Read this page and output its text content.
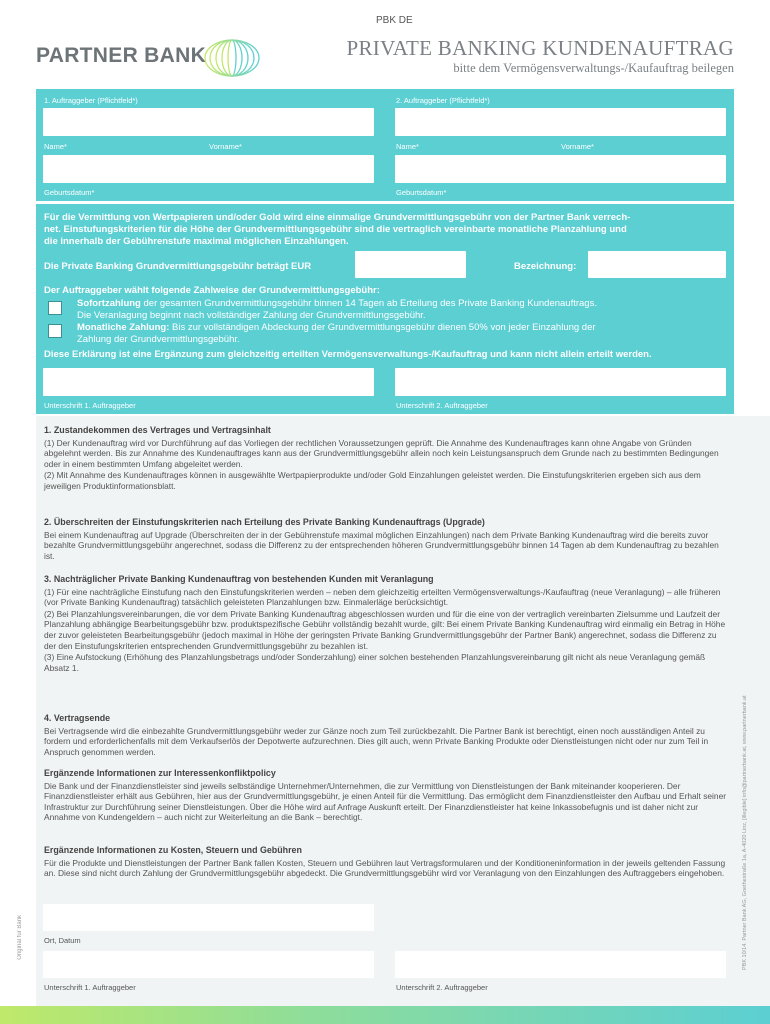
PBK DE
PARTNER BANK	PRIVATE BANKING KUNDENAUFTRAG
bitte dem Vermögensverwaltungs-/Kaufauftrag beilegen
1. Auftraggeber (Pflichtfeld*)	2. Auftraggeber (Pflichtfeld*)
Name*	Vorname*	Name*	Vorname*
Geburtsdatum*	Geburtsdatum*
Für die Vermittlung von Wertpapieren und/oder Gold wird eine einmalige Grundvermittlungsgebühr von der Partner Bank verrech-
net. Einstufungskriterien für die Höhe der Grundvermittlungsgebühr sind die vertraglich vereinbarte monatliche Planzahlung und
die innerhalb der Gebührenstufe maximal möglichen Einzahlungen.
Die Private Banking Grundvermittlungsgebühr beträgt EUR	Bezeichnung:
Der Auftraggeber wählt folgende Zahlweise der Grundvermittlungsgebühr:
Sofortzahlung der gesamten Grundvermittlungsgebühr binnen 14 Tagen ab Erteilung des Private Banking Kundenauftrags.
Die Veranlagung beginnt nach vollständiger Zahlung der Grundvermittlungsgebühr.
Monatliche Zahlung: Bis zur vollständigen Abdeckung der Grundvermittlungsgebühr dienen 50% von jeder Einzahlung der
Zahlung der Grundvermittlungsgebühr.
Diese Erklärung ist eine Ergänzung zum gleichzeitig erteilten Vermögensverwaltungs-/Kaufauftrag und kann nicht allein erteilt werden.
Unterschrift 1. Auftraggeber	Unterschrift 2. Auftraggeber
1. Zustandekommen des Vertrages und Vertragsinhalt

(1) Der Kundenauftrag wird vor Durchführung auf das Vorliegen der rechtlichen Voraussetzungen geprüft. Die Annahme des Kundenauftrages kann ohne Angabe von Gründen abgelehnt werden. Bis zur Annahme des Kundenauftrages kann aus der Grundvermittlungsgebühr allein noch kein Leistungsanspruch dem Grunde nach zu bestimmten Bedingungen oder in einem bestimmten Umfang abgeleitet werden.

(2) Mit Annahme des Kundenauftrages können in ausgewählte Wertpapierprodukte und/oder Gold Einzahlungen geleistet werden. Die Einstufungskriterien ergeben sich aus dem jeweiligen Produktinformationsblatt.

2. Überschreiten der Einstufungskriterien nach Erteilung des Private Banking Kundenauftrags (Upgrade)

Bei einem Kundenauftrag auf Upgrade (Überschreiten der in der Gebührenstufe maximal möglichen Einzahlungen) nach dem Private Banking Kundenauftrag wird die bereits zuvor bezahlte Grundvermittlungsgebühr angerechnet, sodass die Differenz zu der entsprechenden höheren Grundvermittlungsgebühr binnen 14 Tagen ab dem Kundenauftrag zu bezahlen ist.

3. Nachträglicher Private Banking Kundenauftrag von bestehenden Kunden mit Veranlagung

(1) Für eine nachträgliche Einstufung nach den Einstufungskriterien werden – neben dem gleichzeitig erteilten Vermögensverwaltungs-/Kaufauftrag (neue Veranlagung) – alle früheren (vor Private Banking Kundenauftrag) tatsächlich geleisteten Planzahlungen bzw. Einmalerläge berücksichtigt.

(2) Bei Planzahlungsvereinbarungen, die vor dem Private Banking Kundenauftrag abgeschlossen wurden und für die eine von der vertraglich vereinbarten Zielsumme und Laufzeit der Planzahlung abhängige Bearbeitungsgebühr bzw. produktspezifische Gebühr vollständig bezahlt wurde, gilt: Bei einem Private Banking Kundenauftrag wird einmalig ein Betrag in Höhe der zuvor geleisteten Bearbeitungsgebühr (jedoch maximal in Höhe der geringsten Private Banking Grundvermittlungsgebühr der Partner Bank) angerechnet, sodass die Differenz zu der den Einstufungskriterien entsprechenden Grundvermittlungsgebühr zu bezahlen ist.

(3) Eine Aufstockung (Erhöhung des Planzahlungsbetrags und/oder Sonderzahlung) einer solchen bestehenden Planzahlungsvereinbarung gilt nicht als neue Veranlagung gemäß Absatz 1.

4. Vertragsende

Bei Vertragsende wird die einbezahlte Grundvermittlungsgebühr weder zur Gänze noch zum Teil zurückbezahlt. Die Partner Bank ist berechtigt, einen noch ausständigen Anteil zu fordern und erforderlichenfalls mit dem Verkaufserlös der Depotwerte aufzurechnen. Dies gilt auch, wenn Private Banking Produkte oder Dienstleistungen nicht oder nur zum Teil in Anspruch genommen werden.

Ergänzende Informationen zur Interessenkonfliktpolicy

Die Bank und der Finanzdienstleister sind jeweils selbständige Unternehmer/Unternehmen, die zur Vermittlung von Dienstleistungen der Bank miteinander kooperieren. Der Finanzdienstleister erhält aus Gebühren, hier aus der Grundvermittlungsgebühr, je einen Anteil für die Vermittlung. Das ermöglicht dem Finanzdienstleister den Aufbau und Erhalt seiner Infrastruktur zur Durchführung seiner Dienstleistungen. Über die Höhe wird auf Anfrage Auskunft erteilt. Der Finanzdienstleister hat keine Inkassobefugnis und ist daher nicht zur Annahme von Kundengeldern – auch nicht zur Weiterleitung an die Bank – berechtigt.

Ergänzende Informationen zu Kosten, Steuern und Gebühren

Für die Produkte und Dienstleistungen der Partner Bank fallen Kosten, Steuern und Gebühren laut Vertragsformularen und der Konditioneninformation in der jeweils geltenden Fassung an. Diese sind nicht durch Zahlung der Grundvermittlungsgebühr abgedeckt. Die Grundvermittlungsgebühr wird vor Veranlagung von den Einzahlungen des Auftraggebers eingehoben.

Ort, Datum
Unterschrift 1. Auftraggeber	Unterschrift 2. Auftraggeber
Original für Bank	PBK 10/14. Partner Bank AG, Goethestraße 1a, A-4020 Linz, [illegible] info@partnerbank.at, www.partnerbank.at
